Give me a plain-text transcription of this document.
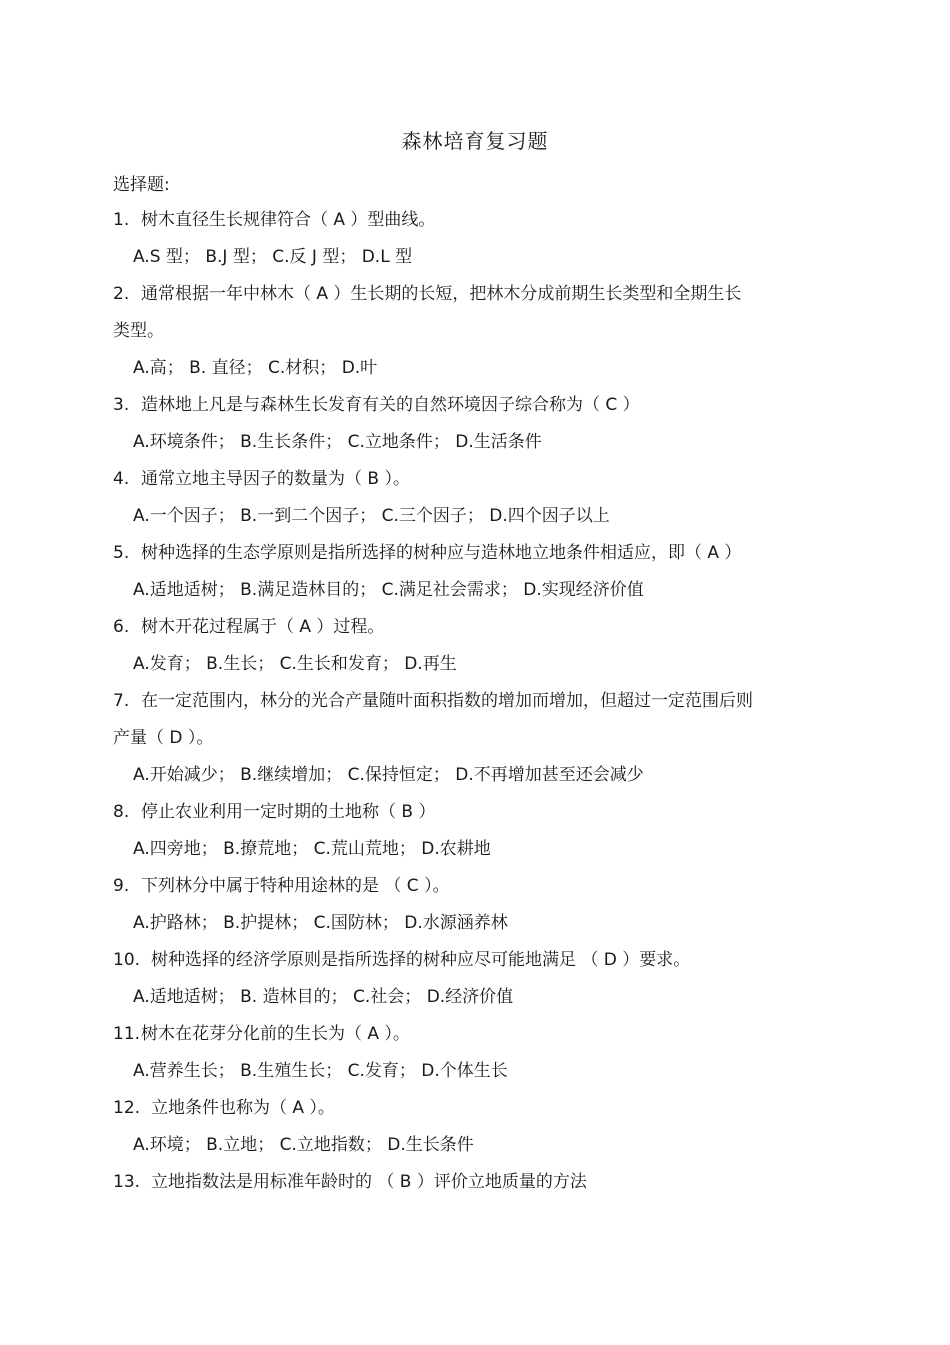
森林培育复习题
选择题:

1. 树木直径生长规律符合（ A ）型曲线。

A.S 型； B.J 型； C.反 J 型； D.L 型

2. 通常根据一年中林木（ A ）生长期的长短，把林木分成前期生长类型和全期生长

类型。

A.高； B. 直径； C.材积； D.叶

3. 造林地上凡是与森林生长发育有关的自然环境因子综合称为（ C ）

A.环境条件； B.生长条件； C.立地条件； D.生活条件

4. 通常立地主导因子的数量为（ B ）。

A.一个因子； B.一到二个因子； C.三个因子； D.四个因子以上

5. 树种选择的生态学原则是指所选择的树种应与造林地立地条件相适应，即（ A ）

A.适地适树； B.满足造林目的； C.满足社会需求； D.实现经济价值

6. 树木开花过程属于（ A ）过程。

A.发育； B.生长； C.生长和发育； D.再生

7. 在一定范围内，林分的光合产量随叶面积指数的增加而增加，但超过一定范围后则

产量（ D ）。

A.开始减少； B.继续增加； C.保持恒定； D.不再增加甚至还会减少

8. 停止农业利用一定时期的土地称（ B ）

A.四旁地； B.撩荒地； C.荒山荒地； D.农耕地

9. 下列林分中属于特种用途林的是 （ C ）。

A.护路林； B.护提林； C.国防林； D.水源涵养林

10. 树种选择的经济学原则是指所选择的树种应尽可能地满足 （ D ）要求。

A.适地适树； B. 造林目的； C.社会； D.经济价值

11.树木在花芽分化前的生长为（ A ）。

A.营养生长； B.生殖生长； C.发育； D.个体生长

12. 立地条件也称为（ A ）。

A.环境； B.立地； C.立地指数； D.生长条件

13. 立地指数法是用标准年龄时的 （ B ）评价立地质量的方法
